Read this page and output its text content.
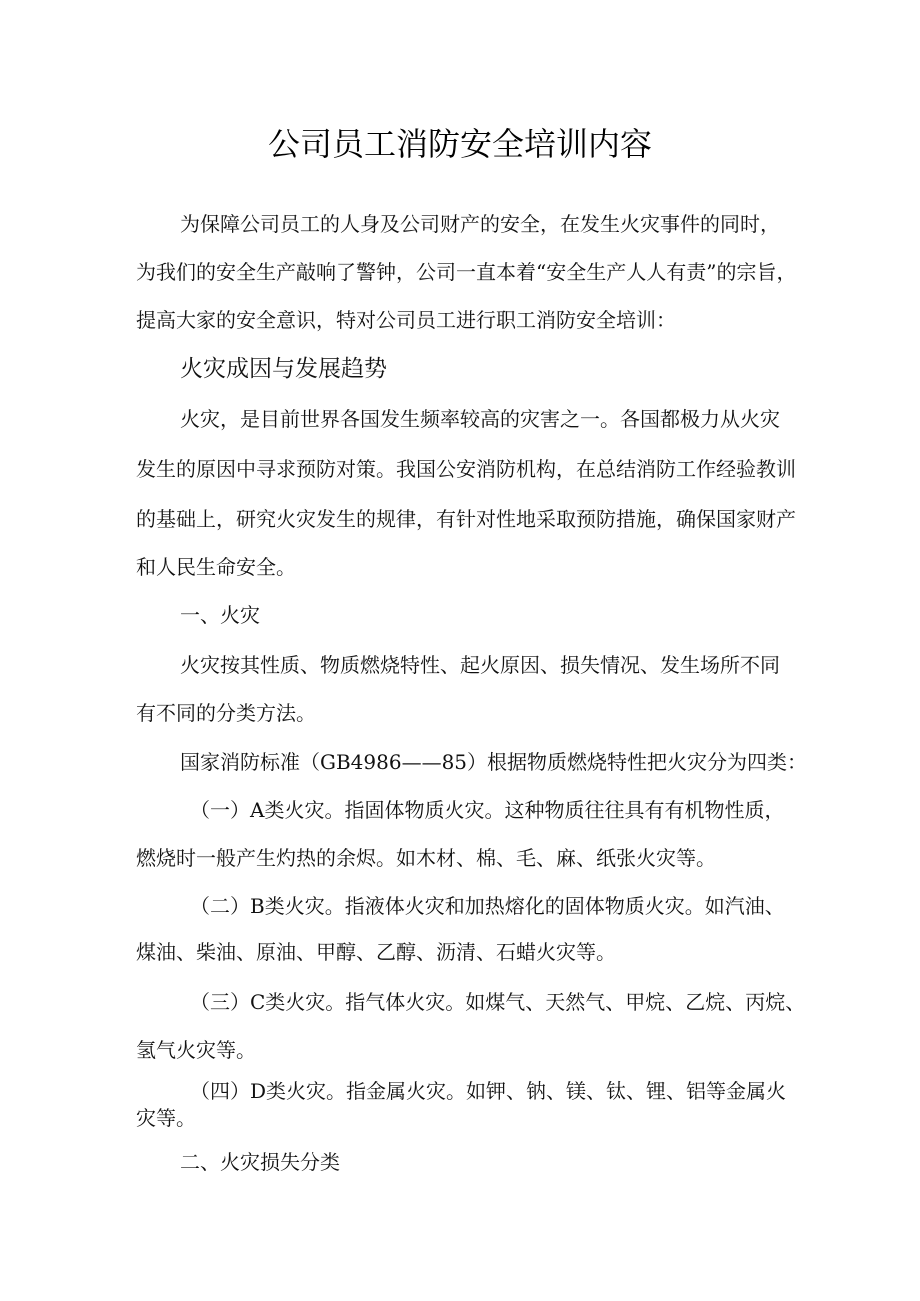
公司员工消防安全培训内容
为保障公司员工的人身及公司财产的安全，在发生火灾事件的同时，
为我们的安全生产敲响了警钟，公司一直本着“安全生产人人有责”的宗旨，
提高大家的安全意识，特对公司员工进行职工消防安全培训：
火灾成因与发展趋势
火灾，是目前世界各国发生频率较高的灾害之一。各国都极力从火灾
发生的原因中寻求预防对策。我国公安消防机构，在总结消防工作经验教训
的基础上，研究火灾发生的规律，有针对性地采取预防措施，确保国家财产
和人民生命安全。
一、火灾
火灾按其性质、物质燃烧特性、起火原因、损失情况、发生场所不同
有不同的分类方法。
国家消防标准（GB4986——85）根据物质燃烧特性把火灾分为四类：
（一）A类火灾。指固体物质火灾。这种物质往往具有有机物性质，
燃烧时一般产生灼热的余烬。如木材、棉、毛、麻、纸张火灾等。
（二）B类火灾。指液体火灾和加热熔化的固体物质火灾。如汽油、
煤油、柴油、原油、甲醇、乙醇、沥清、石蜡火灾等。
（三）C类火灾。指气体火灾。如煤气、天然气、甲烷、乙烷、丙烷、
氢气火灾等。
（四）D类火灾。指金属火灾。如钾、钠、镁、钛、锂、铝等金属火
灾等。
二、火灾损失分类
